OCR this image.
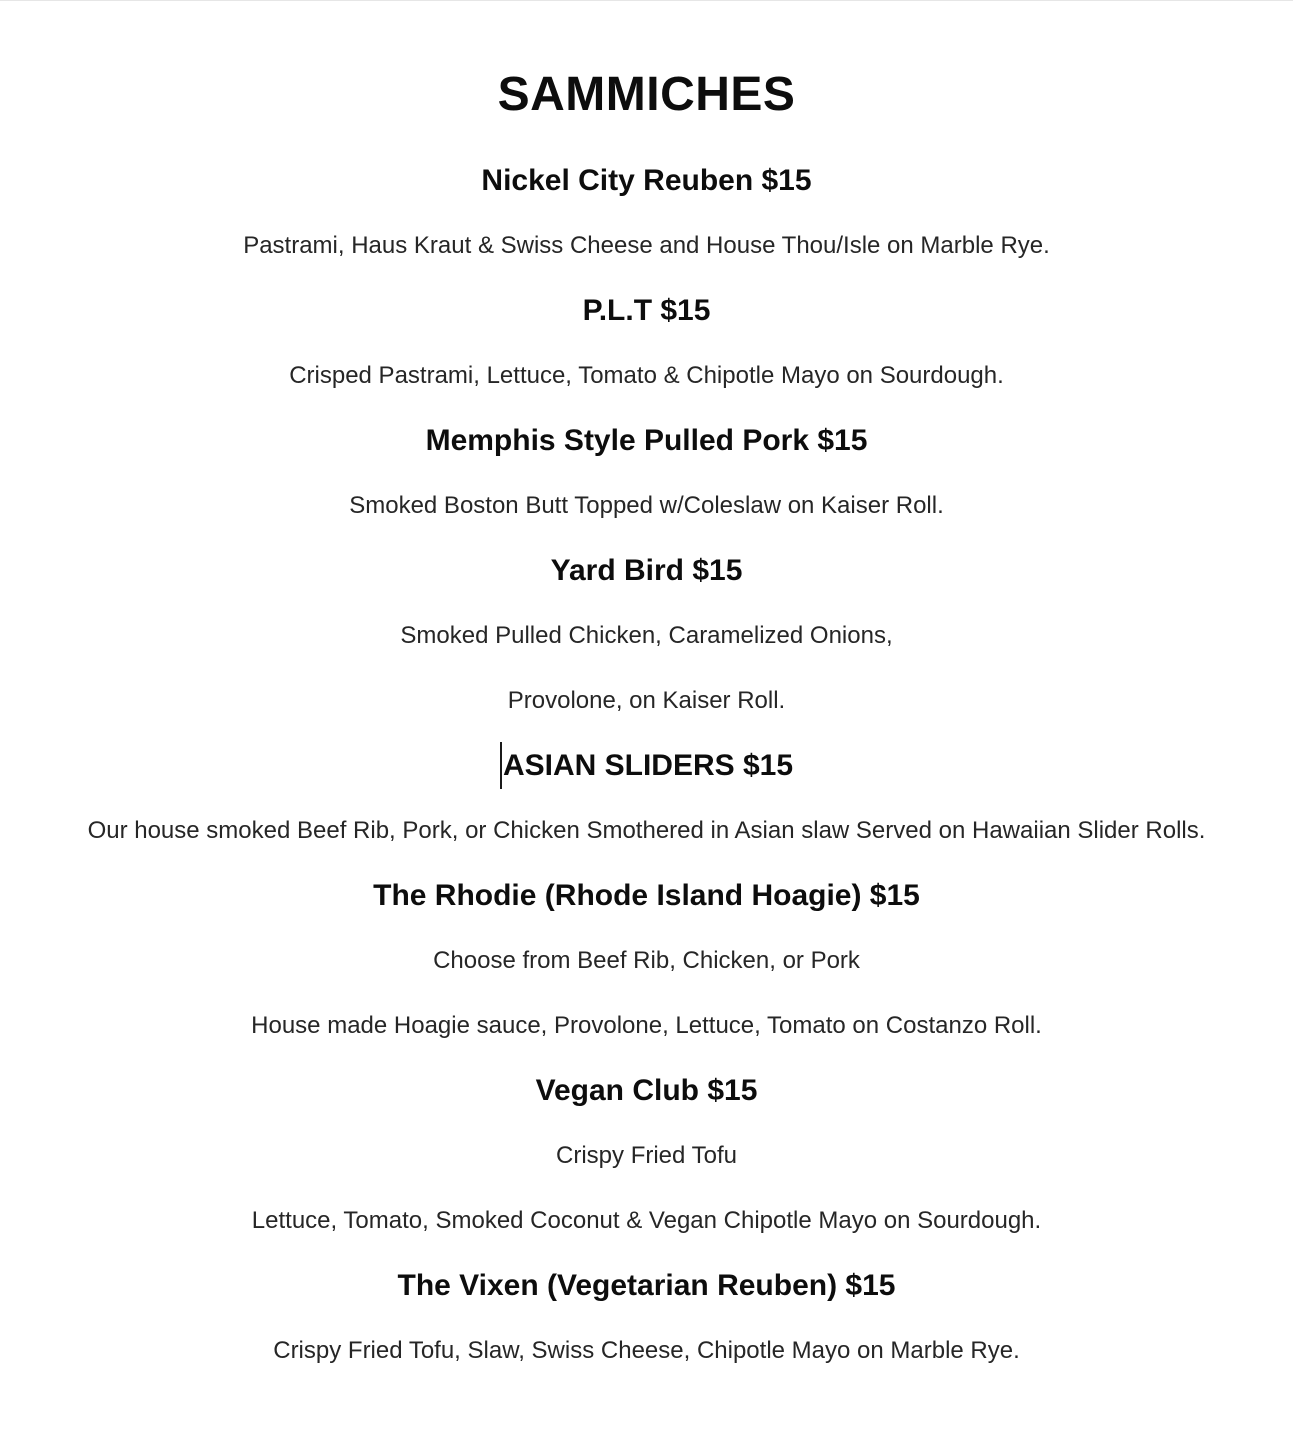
SAMMICHES

Nickel City Reuben $15

Pastrami, Haus Kraut & Swiss Cheese and House Thou/Isle on Marble Rye.

P.L.T $15

Crisped Pastrami, Lettuce, Tomato & Chipotle Mayo on Sourdough.

Memphis Style Pulled Pork $15

Smoked Boston Butt Topped w/Coleslaw on Kaiser Roll.

Yard Bird $15

Smoked Pulled Chicken, Caramelized Onions,

Provolone, on Kaiser Roll.

ASIAN SLIDERS $15

Our house smoked Beef Rib, Pork, or Chicken Smothered in Asian slaw Served on Hawaiian Slider Rolls.

The Rhodie (Rhode Island Hoagie) $15

Choose from Beef Rib, Chicken, or Pork

House made Hoagie sauce, Provolone, Lettuce, Tomato on Costanzo Roll.

Vegan Club $15

Crispy Fried Tofu

Lettuce, Tomato, Smoked Coconut & Vegan Chipotle Mayo on Sourdough.

The Vixen (Vegetarian Reuben) $15

Crispy Fried Tofu, Slaw, Swiss Cheese, Chipotle Mayo on Marble Rye.
